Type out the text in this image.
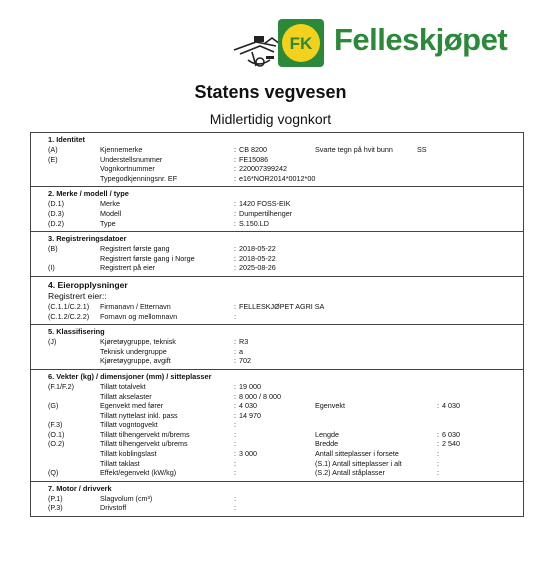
FK Felleskjøpet
Statens vegvesen
Midlertidig vognkort
1. Identitet
(A)	Kjennemerke	: CB 8200	Svarte tegn på hvit bunn	SS
(E)	Understellsnummer	: FE15086
Vognkortnummer	: 220007399242
Typegodkjenningsnr. EF	: e16*NOR2014*0012*00
2. Merke / modell / type
(D.1)	Merke	: 1420 FOSS-EIK
(D.3)	Modell	: Dumpertilhenger
(D.2)	Type	: S.150.LD
3. Registreringsdatoer
(B)	Registrert første gang	: 2018-05-22
Registrert første gang i Norge	: 2018-05-22
(I)	Registrert på eier	: 2025-08-26
4. Eieropplysninger
Registrert eier::
(C.1.1/C.2.1) Firmanavn / Etternavn	: FELLESKJØPET AGRI SA
(C.1.2/C.2.2) Fornavn og mellomnavn	:
5. Klassifisering
(J)	Kjøretøygruppe, teknisk	: R3
Teknisk undergruppe	: a
Kjøretøygruppe, avgift	: 702
6. Vekter (kg) / dimensjoner (mm) / sitteplasser
(F.1/F.2)	Tillatt totalvekt	: 19 000
Tillatt akselaster	: 8 000 / 8 000
(G)	Egenvekt med fører	: 4 030	Egenvekt	: 4 030
Tillatt nyttelast inkl. pass	: 14 970
(F.3)	Tillatt vogntogvekt	:
(O.1)	Tillatt tilhengervekt m/brems	:	Lengde	: 6 030
(O.2)	Tillatt tilhengervekt u/brems	:	Bredde	: 2 540
Tillatt koblingslast	: 3 000	Antall sitteplasser i forsete	:
Tillatt taklast	:	(S.1) Antall sitteplasser i alt	:
(Q)	Effekt/egenvekt (kW/kg)	:	(S.2) Antall ståplasser	:
7. Motor / drivverk
(P.1)	Slagvolum (cm³)	:
(P.3)	Drivstoff	:
